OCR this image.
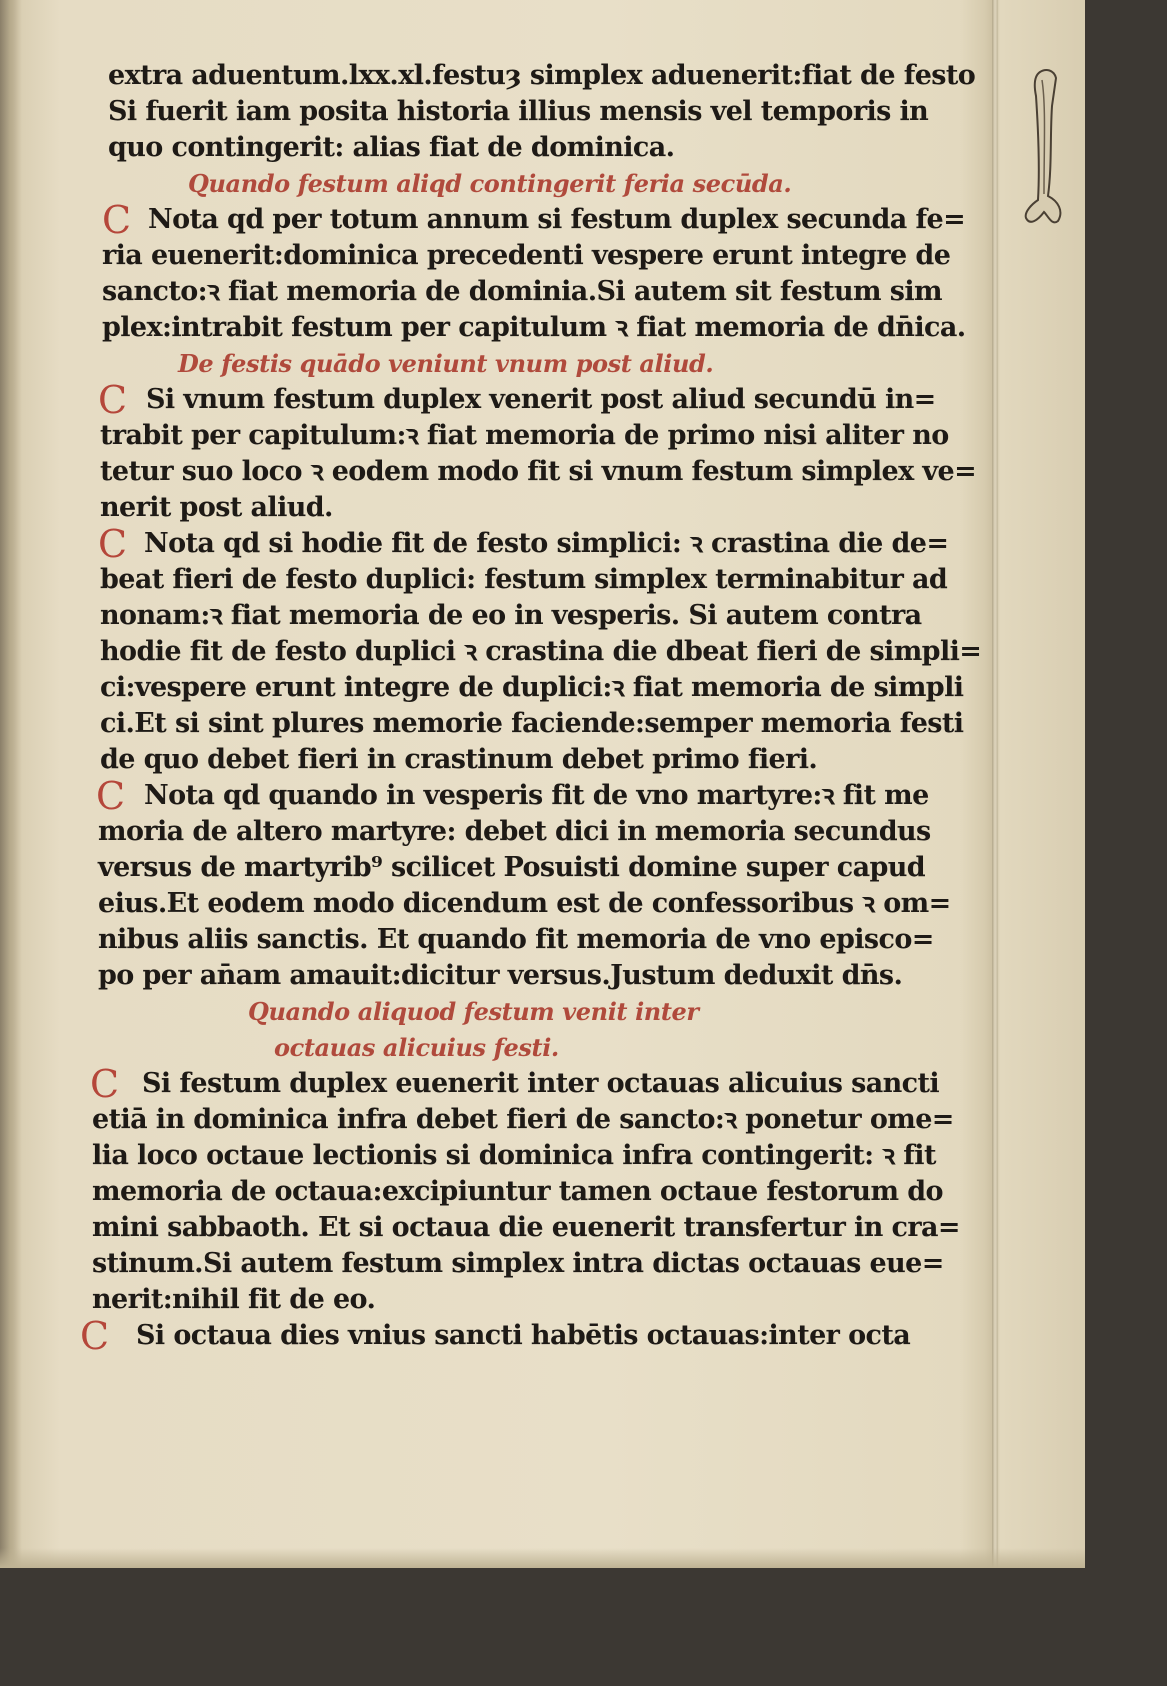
extra aduentum.lxx.xl.festuȝ simplex aduenerit:fiat de festo
Si fuerit iam posita historia illius mensis vel temporis in
quo contingerit: alias fiat de dominica.
Quando festum aliqd contingerit feria secūda.
C Nota qd per totum annum si festum duplex secunda fe=
ria euenerit:dominica precedenti vespere erunt integre de
sancto:ꝛ fiat memoria de dominia.Si autem sit festum sim
plex:intrabit festum per capitulum ꝛ fiat memoria de dn̄ica.
De festis quādo veniunt vnum post aliud.
C Si vnum festum duplex venerit post aliud secundū in=
trabit per capitulum:ꝛ fiat memoria de primo nisi aliter no
tetur suo loco ꝛ eodem modo fit si vnum festum simplex ve=
nerit post aliud.
C Nota qd si hodie fit de festo simplici: ꝛ crastina die de=
beat fieri de festo duplici: festum simplex terminabitur ad
nonam:ꝛ fiat memoria de eo in vesperis. Si autem contra
hodie fit de festo duplici ꝛ crastina die dbeat fieri de simpli=
ci:vespere erunt integre de duplici:ꝛ fiat memoria de simpli
ci.Et si sint plures memorie faciende:semper memoria festi
de quo debet fieri in crastinum debet primo fieri.
C Nota qd quando in vesperis fit de vno martyre:ꝛ fit me
moria de altero martyre: debet dici in memoria secundus
versus de martyrib⁹ scilicet Posuisti domine super capud
eius.Et eodem modo dicendum est de confessoribus ꝛ om=
nibus aliis sanctis. Et quando fit memoria de vno episco=
po per an̄am amauit:dicitur versus.Justum deduxit dn̄s.
Quando aliquod festum venit inter
octauas alicuius festi.
C Si festum duplex euenerit inter octauas alicuius sancti
etiā in dominica infra debet fieri de sancto:ꝛ ponetur ome=
lia loco octaue lectionis si dominica infra contingerit: ꝛ fit
memoria de octaua:excipiuntur tamen octaue festorum do
mini sabbaoth. Et si octaua die euenerit transfertur in cra=
stinum.Si autem festum simplex intra dictas octauas eue=
nerit:nihil fit de eo.
C Si octaua dies vnius sancti habētis octauas:inter octa
